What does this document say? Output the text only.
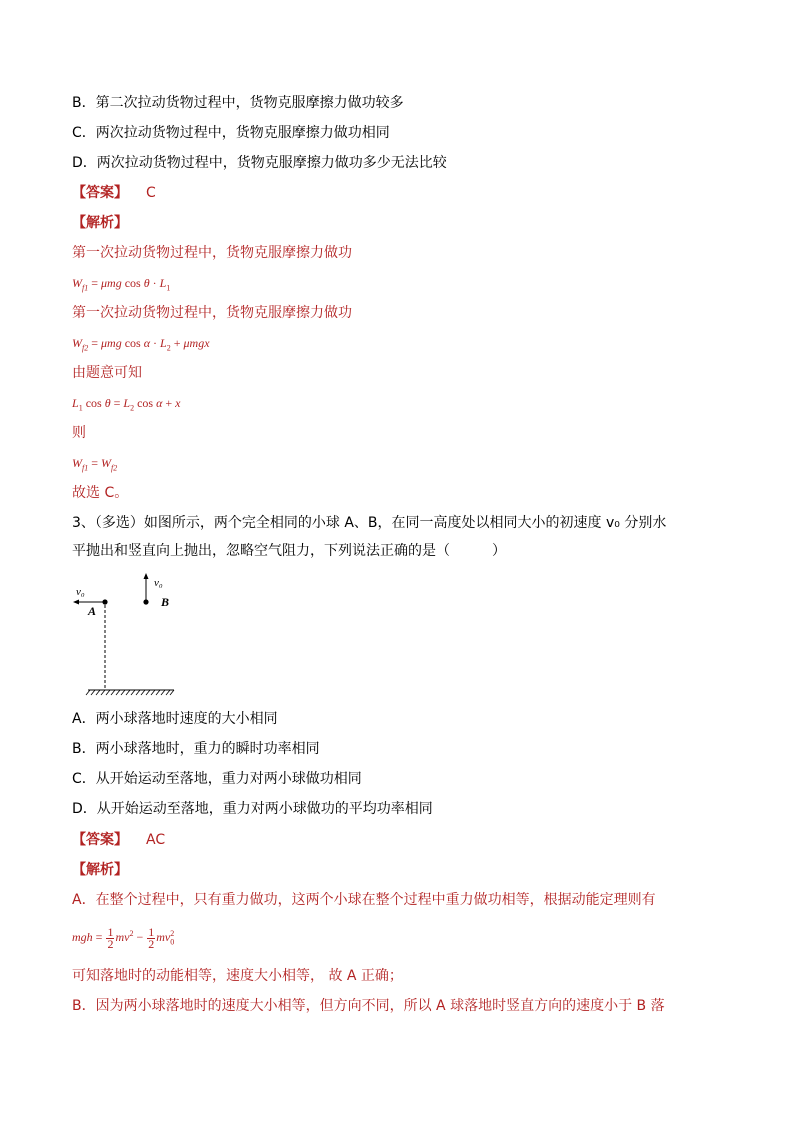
B．第二次拉动货物过程中，货物克服摩擦力做功较多
C．两次拉动货物过程中，货物克服摩擦力做功相同
D．两次拉动货物过程中，货物克服摩擦力做功多少无法比较
【答案】 C
【解析】
第一次拉动货物过程中，货物克服摩擦力做功
$W_{f1} = \mu mg$ $\cos \theta \cdot L_1$
第一次拉动货物过程中，货物克服摩擦力做功
$W_{f2} = \mu mg$ $\cos \alpha \cdot L_2 + \mu mgx$
由题意可知
$L_1$ $\cos \theta = L_2$ cos α + x
则
$W_{f1} = W_{f2}$
故选 C。
3、（多选）如图所示，两个完全相同的小球 A、B，在同一高度处以相同大小的初速度 v₀ 分别水
平抛出和竖直向上抛出，忽略空气阻力，下列说法正确的是（　　　）
v₀
A
v₀
B
A．两小球落地时速度的大小相同
B．两小球落地时，重力的瞬时功率相同
C．从开始运动至落地，重力对两小球做功相同
D．从开始运动至落地，重力对两小球做功的平均功率相同
【答案】 AC
【解析】
A．在整个过程中，只有重力做功，这两个小球在整个过程中重力做功相等，根据动能定理则有
mgh = $\frac{1}{2} mv^2 - \frac{1}{2} mv_0^2$
可知落地时的动能相等，速度大小相等， 故 A 正确；
B．因为两小球落地时的速度大小相等，但方向不同，所以 A 球落地时竖直方向的速度小于 B 落
